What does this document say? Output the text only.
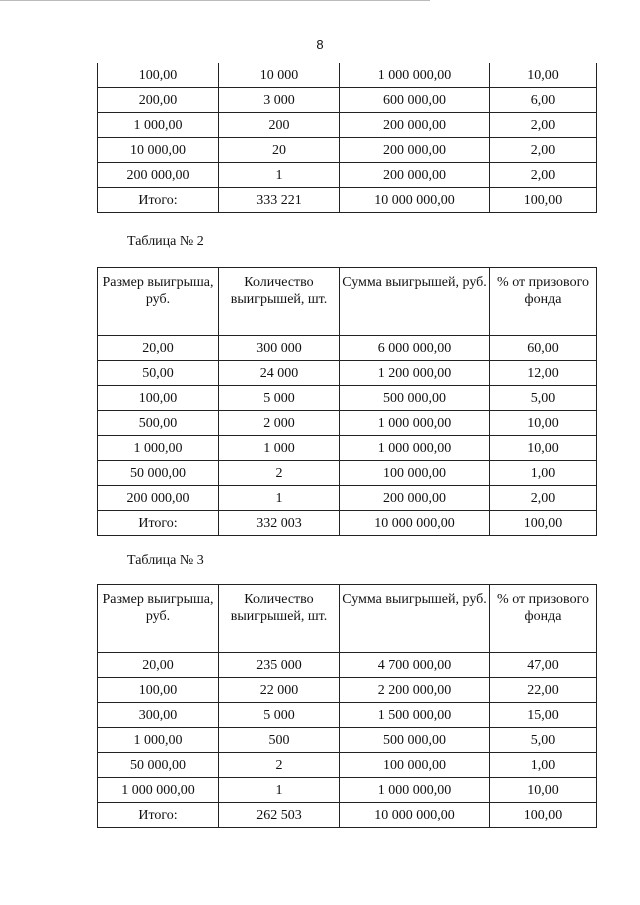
8
100,00	10 000	1 000 000,00	10,00
200,00	3 000	600 000,00	6,00
1 000,00	200	200 000,00	2,00
10 000,00	20	200 000,00	2,00
200 000,00	1	200 000,00	2,00
Итого:	333 221	10 000 000,00	100,00
Таблица № 2
Размер выигрыша, руб.	Количество выигрышей, шт.	Сумма выигрышей, руб.	% от призового фонда
20,00	300 000	6 000 000,00	60,00
50,00	24 000	1 200 000,00	12,00
100,00	5 000	500 000,00	5,00
500,00	2 000	1 000 000,00	10,00
1 000,00	1 000	1 000 000,00	10,00
50 000,00	2	100 000,00	1,00
200 000,00	1	200 000,00	2,00
Итого:	332 003	10 000 000,00	100,00
Таблица № 3
Размер выигрыша, руб.	Количество выигрышей, шт.	Сумма выигрышей, руб.	% от призового фонда
20,00	235 000	4 700 000,00	47,00
100,00	22 000	2 200 000,00	22,00
300,00	5 000	1 500 000,00	15,00
1 000,00	500	500 000,00	5,00
50 000,00	2	100 000,00	1,00
1 000 000,00	1	1 000 000,00	10,00
Итого:	262 503	10 000 000,00	100,00
